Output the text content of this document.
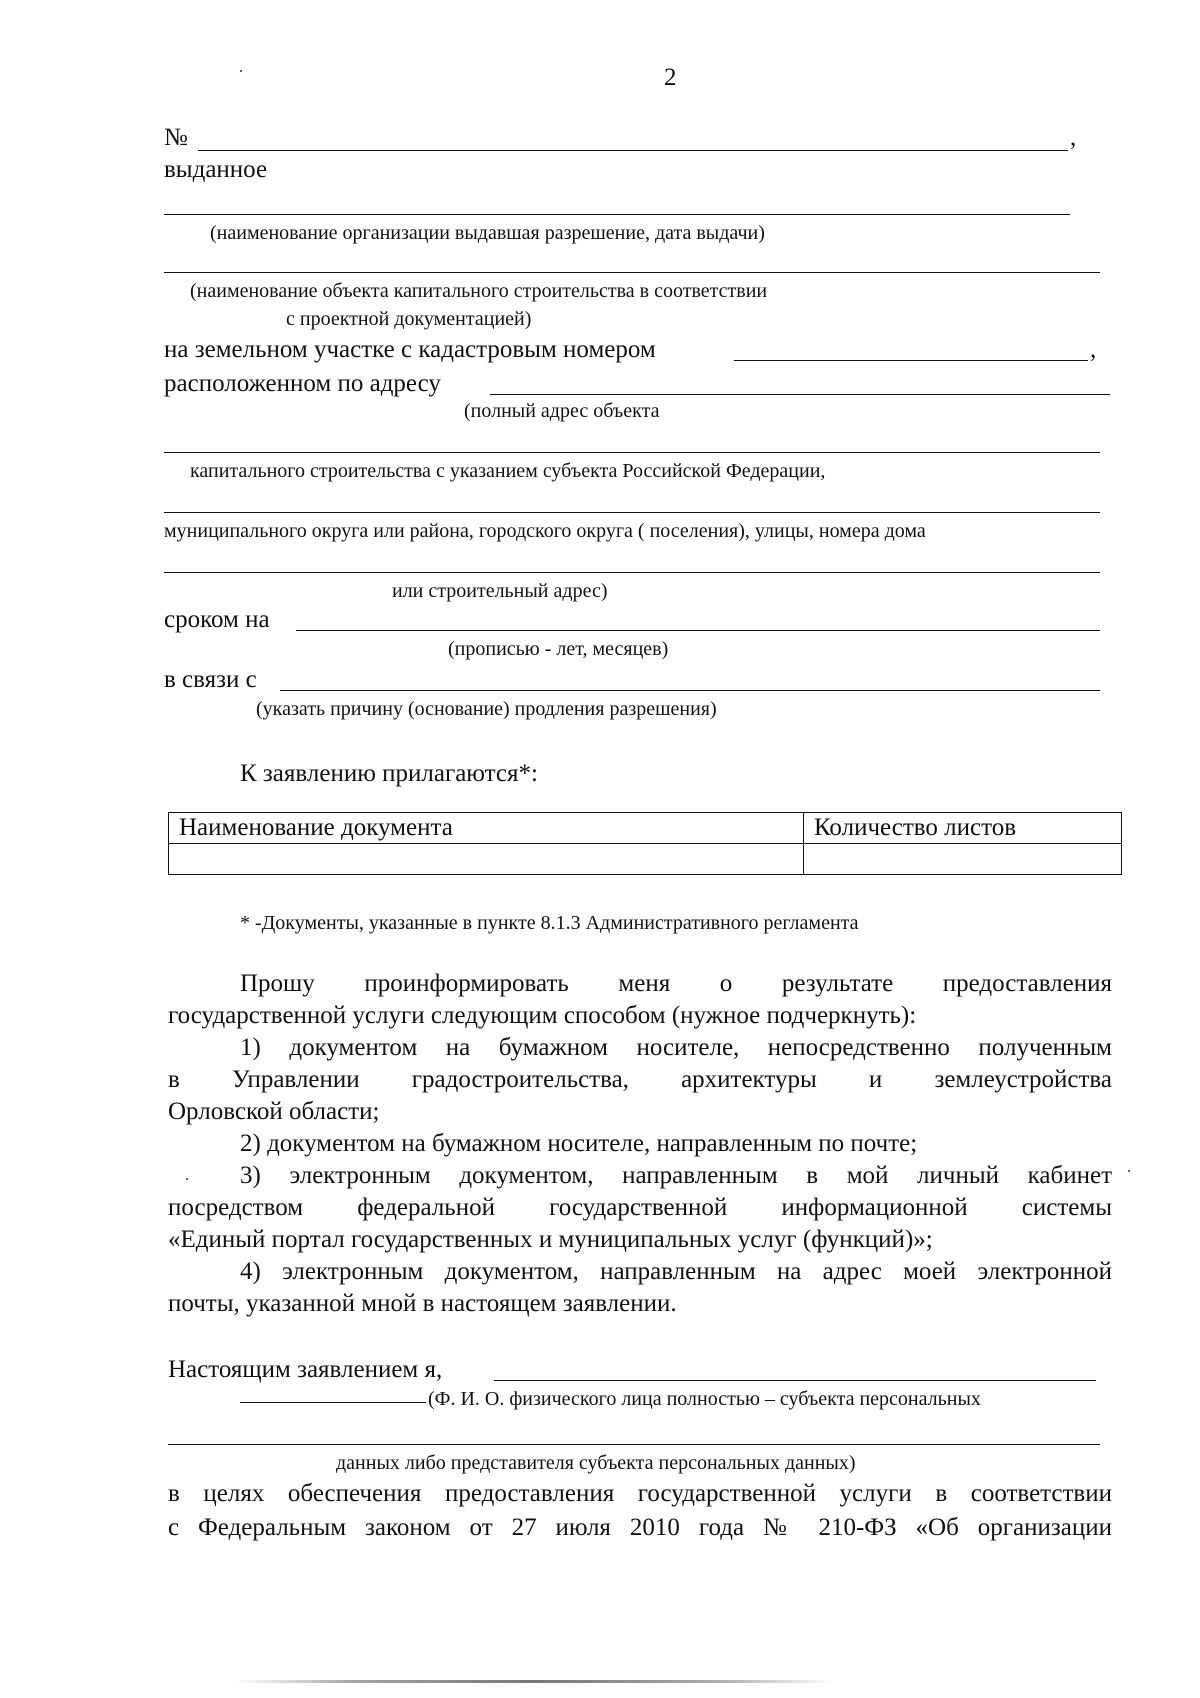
2
№	,
выданное
(наименование организации выдавшая разрешение, дата выдачи)
(наименование объекта капитального строительства в соответствии
с проектной документацией)
на земельном участке с кадастровым номером	,
расположенном по адресу
(полный адрес объекта
капитального строительства с указанием субъекта Российской Федерации,
муниципального округа или района, городского округа ( поселения), улицы, номера дома
или строительный адрес)
сроком на
(прописью - лет, месяцев)
в связи с
(указать причину (основание) продления разрешения)
К заявлению прилагаются*:
Наименование документа	Количество листов

* -Документы, указанные в пункте 8.1.3 Административного регламента
Прошу проинформировать меня о результате предоставления
государственной услуги следующим способом (нужное подчеркнуть):
1) документом на бумажном носителе, непосредственно полученным
в Управлении градостроительства, архитектуры и землеустройства
Орловской области;
2) документом на бумажном носителе, направленным по почте;
3) электронным документом, направленным в мой личный кабинет
посредством федеральной государственной информационной системы
«Единый портал государственных и муниципальных услуг (функций)»;
4) электронным документом, направленным на адрес моей электронной
почты, указанной мной в настоящем заявлении.
Настоящим заявлением я,
(Ф. И. О. физического лица полностью – субъекта персональных
данных либо представителя субъекта персональных данных)
в целях обеспечения предоставления государственной услуги в соответствии
с Федеральным законом от 27 июля 2010 года № 210-ФЗ «Об организации
